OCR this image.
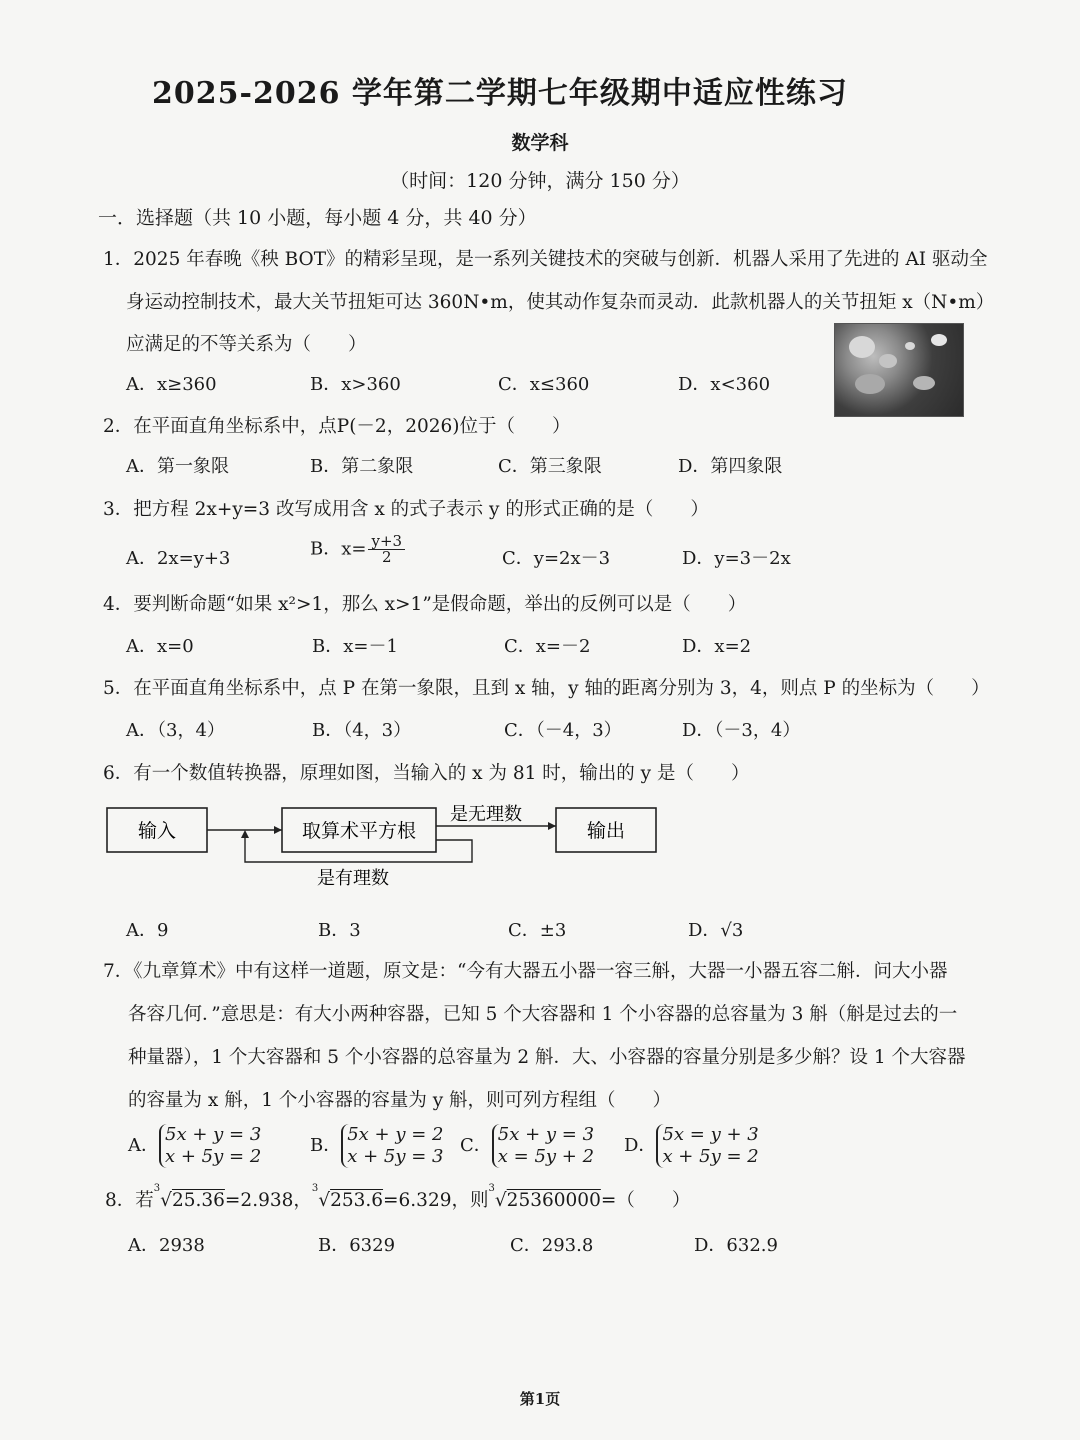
2025-2026 学年第二学期七年级期中适应性练习
数学科
（时间：120 分钟，满分 150 分）
一．选择题（共 10 小题，每小题 4 分，共 40 分）
1．2025 年春晚《秧 BOT》的精彩呈现，是一系列关键技术的突破与创新．机器人采用了先进的 AI 驱动全
身运动控制技术，最大关节扭矩可达 360N•m，使其动作复杂而灵动．此款机器人的关节扭矩 x（N•m）
应满足的不等关系为（　　）
A．x≥360	B．x>360	C．x≤360	D．x<360
2．在平面直角坐标系中，点P(－2，2026)位于（　　）
A．第一象限	B．第二象限	C．第三象限	D．第四象限
3．把方程 2x+y=3 改写成用含 x 的式子表示 y 的形式正确的是（　　）
A．2x=y+3	B．$x= \frac{y+3}{2}$	C．y=2x－3	D．y=3－2x
4．要判断命题“如果 x²>1，那么 x>1”是假命题，举出的反例可以是（　　）
A．x=0	B．x=－1	C．x=－2	D．x=2
5．在平面直角坐标系中，点 P 在第一象限，且到 x 轴，y 轴的距离分别为 3，4，则点 P 的坐标为（　　）
A．（3，4）	B．（4，3）	C．（－4，3）	D．（－3，4）
6．有一个数值转换器，原理如图，当输入的 x 为 81 时，输出的 y 是（　　）
输入	取算术平方根
是无理数
输出
是有理数
A．9	B．3	C．±3	D．√3
7．《九章算术》中有这样一道题，原文是：“今有大器五小器一容三斛，大器一小器五容二斛．问大小器
各容几何．”意思是：有大小两种容器，已知 5 个大容器和 1 个小容器的总容量为 3 斛（斛是过去的一
种量器），1 个大容器和 5 个小容器的总容量为 2 斛．大、小容器的容量分别是多少斛？设 1 个大容器
的容量为 x 斛，1 个小容器的容量为 y 斛，则可列方程组（　　）
A．5x + y = 3
x + 5y = 2
B．5x + y = 2
x + 5y = 3
C．5x + y = 3
x = 5y + 2
D．5x = y + 3
x + 5y = 2
8．若$^3$√25.36=2.938，$^3$√253.6=6.329，则$^3$√25360000=（　　）
A．2938	B．6329	C．293.8	D．632.9
第1页
